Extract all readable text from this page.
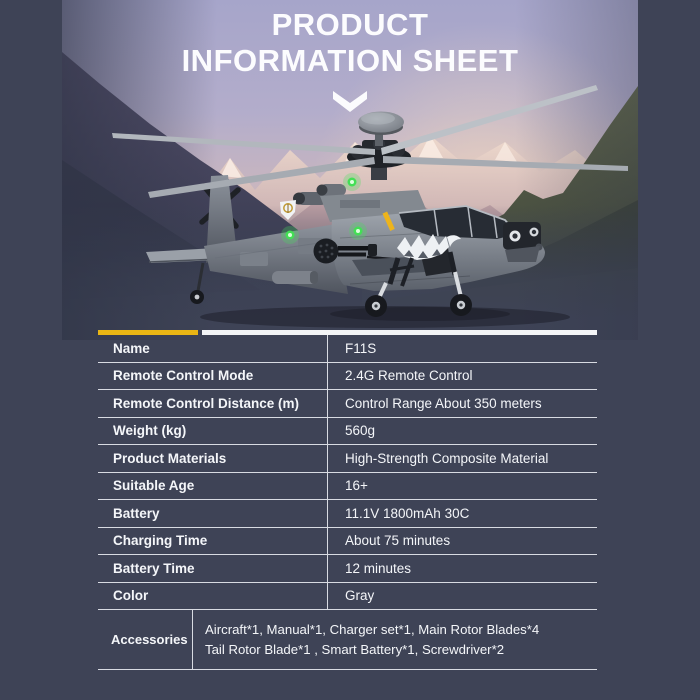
PRODUCT
INFORMATION SHEET
Name	F11S
Remote Control Mode	2.4G Remote Control
Remote Control Distance (m)	Control Range About 350 meters
Weight (kg)	560g
Product Materials	High-Strength Composite Material
Suitable Age	16+
Battery	11.1V 1800mAh 30C
Charging Time	About 75 minutes
Battery Time	12 minutes
Color	Gray
Accessories
Aircraft*1, Manual*1, Charger set*1, Main Rotor Blades*4
Tail Rotor Blade*1 , Smart Battery*1, Screwdriver*2
